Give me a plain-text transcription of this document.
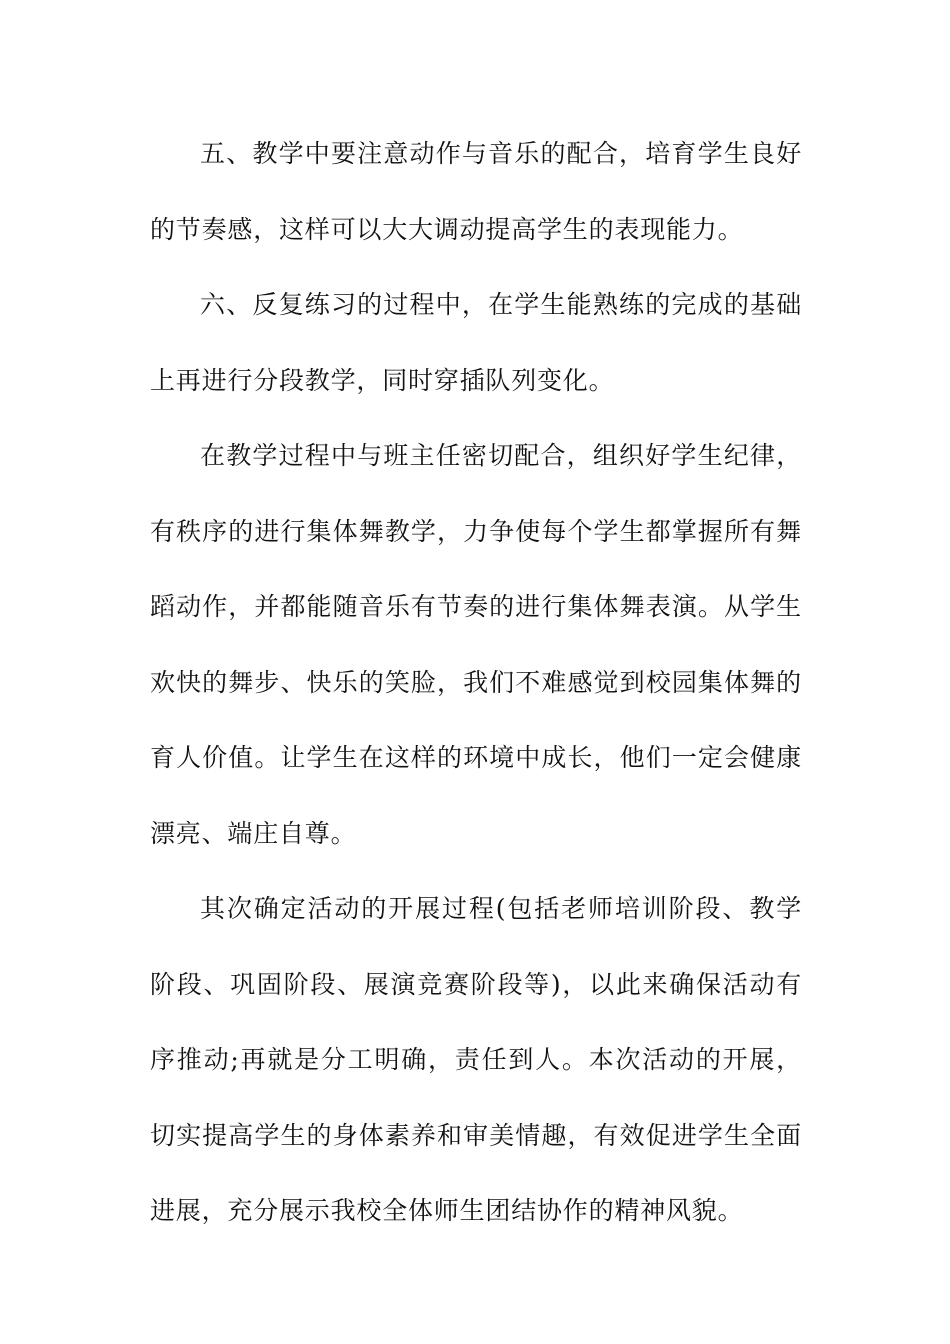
五、教学中要注意动作与音乐的配合，培育学生良好的节奏感，这样可以大大调动提高学生的表现能力。

六、反复练习的过程中，在学生能熟练的完成的基础上再进行分段教学，同时穿插队列变化。

在教学过程中与班主任密切配合，组织好学生纪律，有秩序的进行集体舞教学，力争使每个学生都掌握所有舞蹈动作，并都能随音乐有节奏的进行集体舞表演。从学生欢快的舞步、快乐的笑脸，我们不难感觉到校园集体舞的育人价值。让学生在这样的环境中成长，他们一定会健康漂亮、端庄自尊。

其次确定活动的开展过程(包括老师培训阶段、教学阶段、巩固阶段、展演竞赛阶段等)，以此来确保活动有序推动;再就是分工明确，责任到人。本次活动的开展，切实提高学生的身体素养和审美情趣，有效促进学生全面进展，充分展示我校全体师生团结协作的精神风貌。
